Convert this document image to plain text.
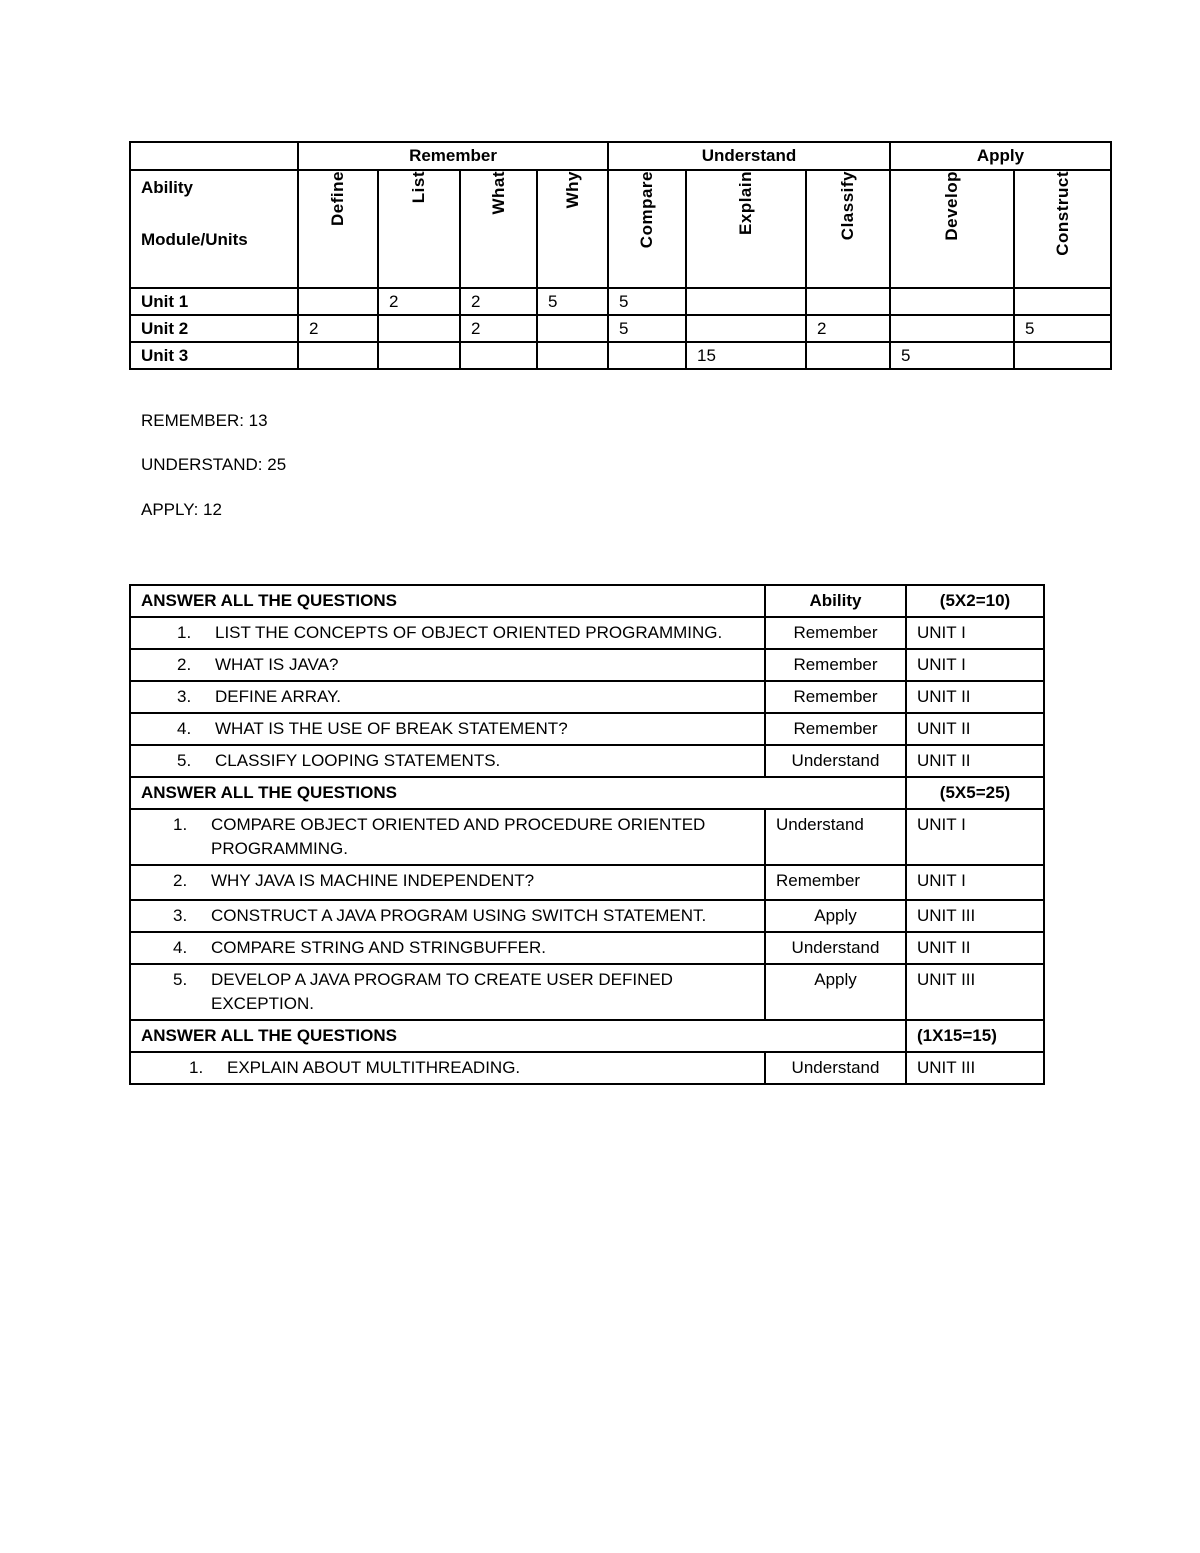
	Remember				Understand			Apply	

Ability
Module/Units	Define	List	What	Why	Compare	Explain	Classify	Develop	Construct

Unit 1		2	2	5	5				
Unit 2	2		2		5		2		5
Unit 3						15		5	
REMEMBER: 13
UNDERSTAND: 25
APPLY: 12
ANSWER ALL THE QUESTIONS	Ability	(5X2=10)
1. LIST THE CONCEPTS OF OBJECT ORIENTED PROGRAMMING.	Remember	UNIT I
2. WHAT IS JAVA?	Remember	UNIT I
3. DEFINE ARRAY.	Remember	UNIT II
4. WHAT IS THE USE OF BREAK STATEMENT?	Remember	UNIT II
5. CLASSIFY LOOPING STATEMENTS.	Understand	UNIT II
ANSWER ALL THE QUESTIONS		(5X5=25)
1. COMPARE OBJECT ORIENTED AND PROCEDURE ORIENTED
PROGRAMMING.	Understand	UNIT I
2. WHY JAVA IS MACHINE INDEPENDENT?	Remember	UNIT I
3. CONSTRUCT A JAVA PROGRAM USING SWITCH STATEMENT.	Apply	UNIT III
4. COMPARE STRING AND STRINGBUFFER.	Understand	UNIT II
5. DEVELOP A JAVA PROGRAM TO CREATE USER DEFINED
EXCEPTION.	Apply	UNIT III
ANSWER ALL THE QUESTIONS		(1X15=15)
1. EXPLAIN ABOUT MULTITHREADING.	Understand	UNIT III
